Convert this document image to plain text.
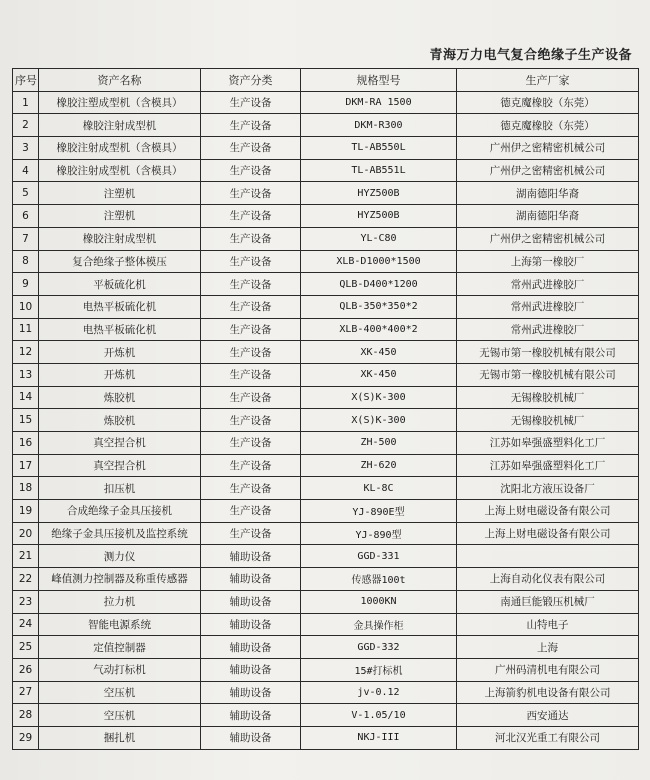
青海万力电气复合绝缘子生产设备
序号	资产名称	资产分类	规格型号	生产厂家
1	橡胶注塑成型机（含模具）	生产设备	DKM-RA 1500	德克魔橡胶（东莞）
2	橡胶注射成型机	生产设备	DKM-R300	德克魔橡胶（东莞）
3	橡胶注射成型机（含模具）	生产设备	TL-AB550L	广州伊之密精密机械公司
4	橡胶注射成型机（含模具）	生产设备	TL-AB551L	广州伊之密精密机械公司
5	注塑机	生产设备	HYZ500B	湖南德阳华裔
6	注塑机	生产设备	HYZ500B	湖南德阳华裔
7	橡胶注射成型机	生产设备	YL-C80	广州伊之密精密机械公司
8	复合绝缘子整体模压	生产设备	XLB-D1000*1500	上海第一橡胶厂
9	平板硫化机	生产设备	QLB-D400*1200	常州武进橡胶厂
10	电热平板硫化机	生产设备	QLB-350*350*2	常州武进橡胶厂
11	电热平板硫化机	生产设备	XLB-400*400*2	常州武进橡胶厂
12	开炼机	生产设备	XK-450	无锡市第一橡胶机械有限公司
13	开炼机	生产设备	XK-450	无锡市第一橡胶机械有限公司
14	炼胶机	生产设备	X(S)K-300	无锡橡胶机械厂
15	炼胶机	生产设备	X(S)K-300	无锡橡胶机械厂
16	真空捏合机	生产设备	ZH-500	江苏如皋强盛塑料化工厂
17	真空捏合机	生产设备	ZH-620	江苏如皋强盛塑料化工厂
18	扣压机	生产设备	KL-8C	沈阳北方液压设备厂
19	合成绝缘子金具压接机	生产设备	YJ-890E型	上海上财电磁设备有限公司
20	绝缘子金具压接机及监控系统	生产设备	YJ-890型	上海上财电磁设备有限公司
21	测力仪	辅助设备	GGD-331	
22	峰值测力控制器及称重传感器	辅助设备	传感器100t	上海自动化仪表有限公司
23	拉力机	辅助设备	1000KN	南通巨能锻压机械厂
24	智能电源系统	辅助设备	金具操作柜	山特电子
25	定值控制器	辅助设备	GGD-332	上海
26	气动打标机	辅助设备	15#打标机	广州码清机电有限公司
27	空压机	辅助设备	jv-0.12	上海箭豹机电设备有限公司
28	空压机	辅助设备	V-1.05/10	西安通达
29	捆扎机	辅助设备	NKJ-III	河北汉光重工有限公司
